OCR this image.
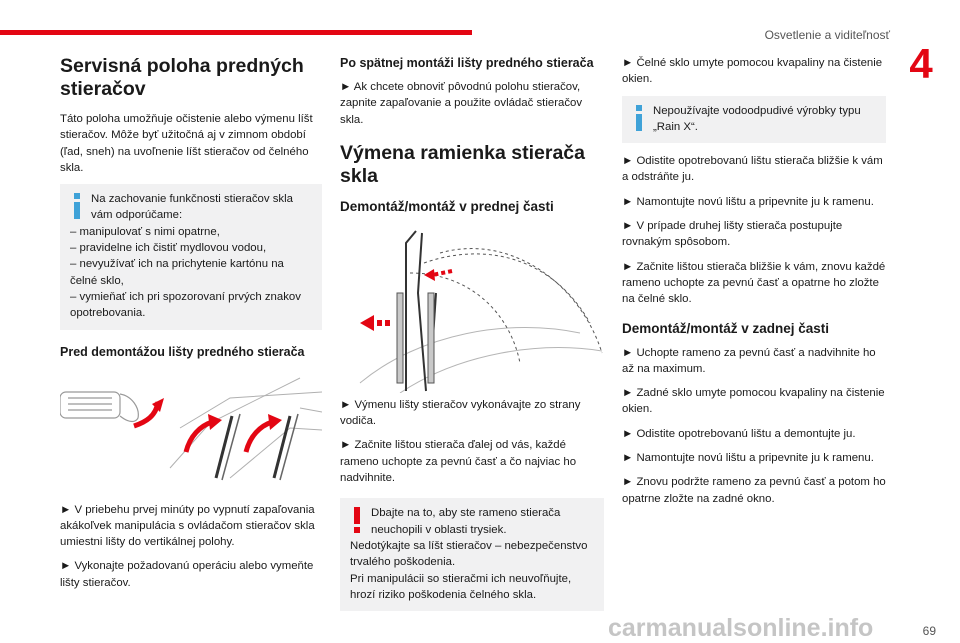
Osvetlenie a viditeľnosť
4
Servisná poloha predných stieračov

Táto poloha umožňuje očistenie alebo výmenu líšt stieračov. Môže byť užitočná aj v zimnom období (ľad, sneh) na uvoľnenie líšt stieračov od čelného skla.

Na zachovanie funkčnosti stieračov skla vám odporúčame:

– manipulovať s nimi opatrne,

– pravidelne ich čistiť mydlovou vodou,

– nevyužívať ich na prichytenie kartónu na čelné sklo,

– vymieňať ich pri spozorovaní prvých znakov opotrebovania.

Pred demontážou lišty predného stierača

► V priebehu prvej minúty po vypnutí zapaľovania akákoľvek manipulácia s ovládačom stieračov skla umiestni lišty do vertikálnej polohy.

► Vykonajte požadovanú operáciu alebo vymeňte lišty stieračov.

Po spätnej montáži lišty predného stierača

► Ak chcete obnoviť pôvodnú polohu stieračov, zapnite zapaľovanie a použite ovládač stieračov skla.

Výmena ramienka stierača skla
Demontáž/montáž v prednej časti

► Výmenu lišty stieračov vykonávajte zo strany vodiča.

► Začnite lištou stierača ďalej od vás, každé rameno uchopte za pevnú časť a čo najviac ho nadvihnite.

Dbajte na to, aby ste rameno stierača neuchopili v oblasti trysiek.

Nedotýkajte sa líšt stieračov – nebezpečenstvo trvalého poškodenia.

Pri manipulácii so stieračmi ich neuvoľňujte, hrozí riziko poškodenia čelného skla.

► Čelné sklo umyte pomocou kvapaliny na čistenie okien.

Nepoužívajte vodoodpudivé výrobky typu „Rain X“.

► Odistite opotrebovanú lištu stierača bližšie k vám a odstráňte ju.

► Namontujte novú lištu a pripevnite ju k ramenu.

► V prípade druhej lišty stierača postupujte rovnakým spôsobom.

► Začnite lištou stierača bližšie k vám, znovu každé rameno uchopte za pevnú časť a opatrne ho zložte na čelné sklo.

Demontáž/montáž v zadnej časti

► Uchopte rameno za pevnú časť a nadvihnite ho až na maximum.

► Zadné sklo umyte pomocou kvapaliny na čistenie okien.

► Odistite opotrebovanú lištu a demontujte ju.

► Namontujte novú lištu a pripevnite ju k ramenu.

► Znovu podržte rameno za pevnú časť a potom ho opatrne zložte na zadné okno.

69
carmanualsonline.info
